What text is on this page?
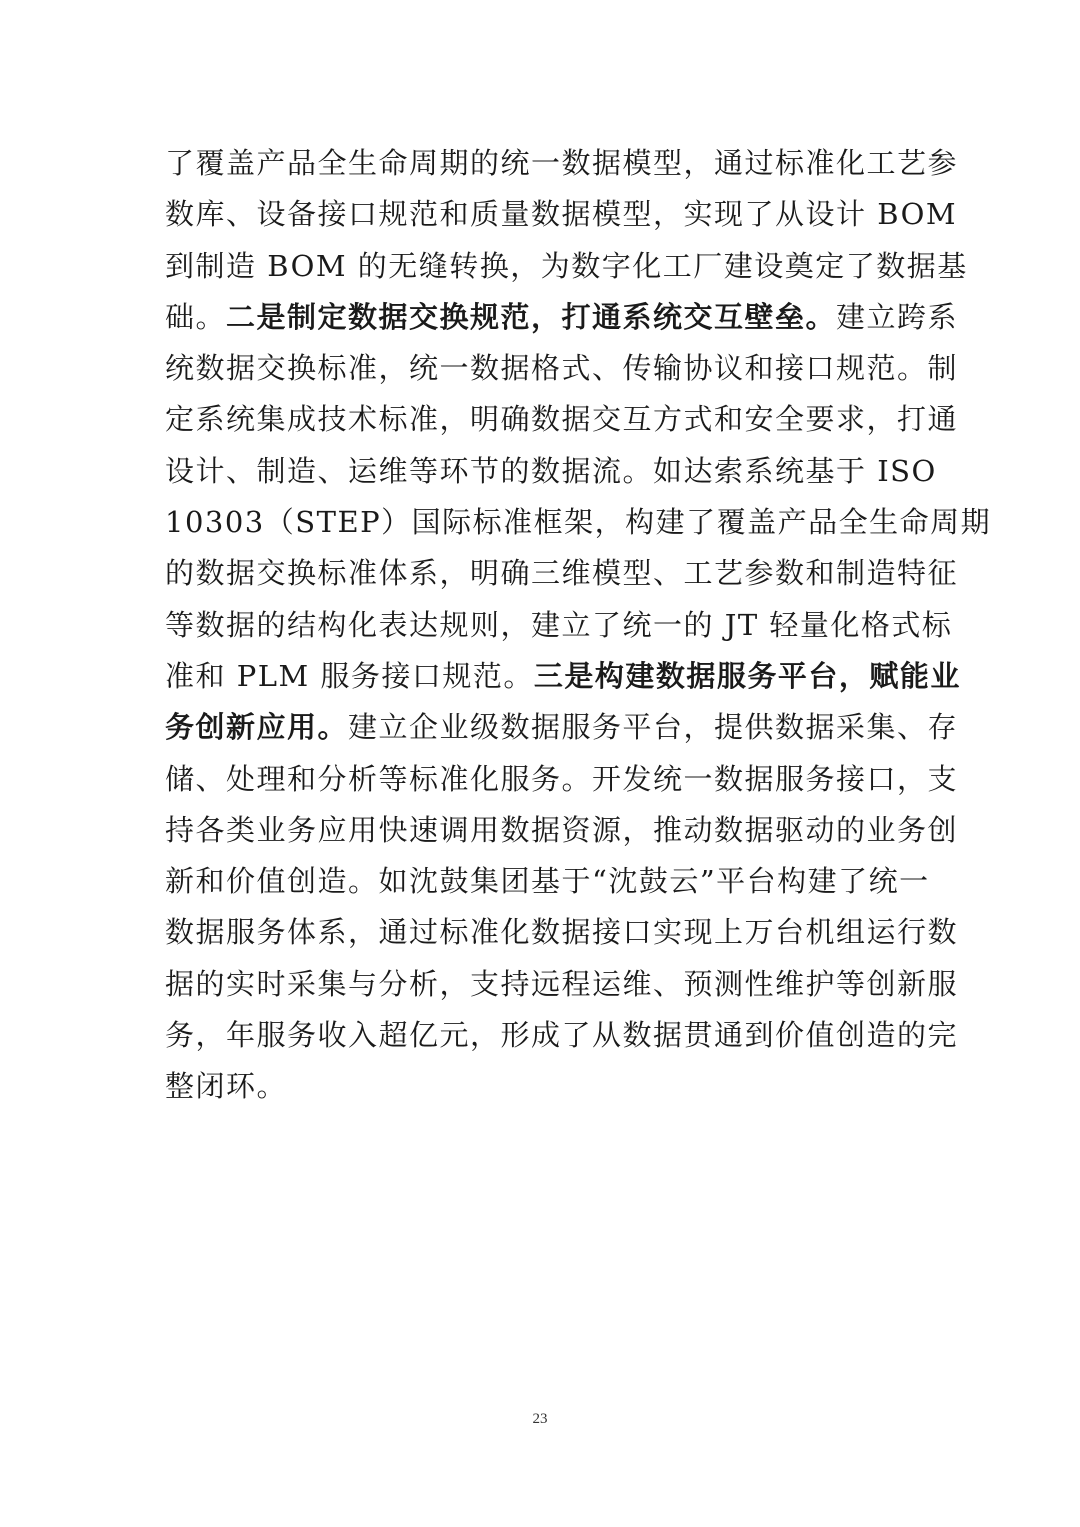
了覆盖产品全生命周期的统一数据模型，通过标准化工艺参
数库、设备接口规范和质量数据模型，实现了从设计 BOM
到制造 BOM 的无缝转换，为数字化工厂建设奠定了数据基
础。二是制定数据交换规范，打通系统交互壁垒。建立跨系
统数据交换标准，统一数据格式、传输协议和接口规范。制
定系统集成技术标准，明确数据交互方式和安全要求，打通
设计、制造、运维等环节的数据流。如达索系统基于 ISO
10303（STEP）国际标准框架，构建了覆盖产品全生命周期
的数据交换标准体系，明确三维模型、工艺参数和制造特征
等数据的结构化表达规则，建立了统一的 JT 轻量化格式标
准和 PLM 服务接口规范。三是构建数据服务平台，赋能业
务创新应用。建立企业级数据服务平台，提供数据采集、存
储、处理和分析等标准化服务。开发统一数据服务接口，支
持各类业务应用快速调用数据资源，推动数据驱动的业务创
新和价值创造。如沈鼓集团基于“沈鼓云”平台构建了统一
数据服务体系，通过标准化数据接口实现上万台机组运行数
据的实时采集与分析，支持远程运维、预测性维护等创新服
务，年服务收入超亿元，形成了从数据贯通到价值创造的完
整闭环。
23
